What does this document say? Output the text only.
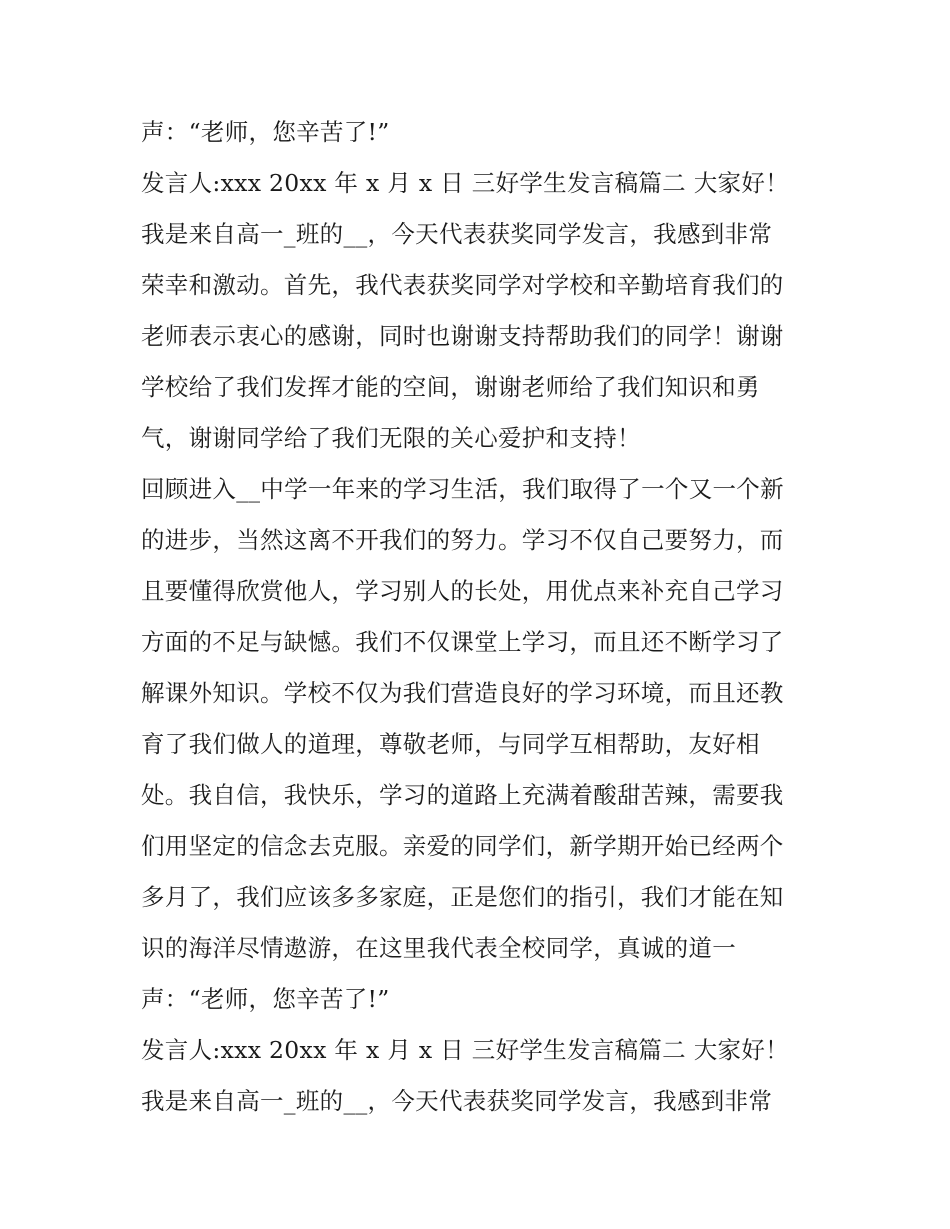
声：“老师，您辛苦了!”
发言人:xxx 20xx 年 x 月 x 日 三好学生发言稿篇二 大家好！
我是来自高一_班的__，今天代表获奖同学发言，我感到非常
荣幸和激动。首先，我代表获奖同学对学校和辛勤培育我们的
老师表示衷心的感谢，同时也谢谢支持帮助我们的同学！谢谢
学校给了我们发挥才能的空间，谢谢老师给了我们知识和勇
气，谢谢同学给了我们无限的关心爱护和支持！
回顾进入__中学一年来的学习生活，我们取得了一个又一个新
的进步，当然这离不开我们的努力。学习不仅自己要努力，而
且要懂得欣赏他人，学习别人的长处，用优点来补充自己学习
方面的不足与缺憾。我们不仅课堂上学习，而且还不断学习了
解课外知识。学校不仅为我们营造良好的学习环境，而且还教
育了我们做人的道理，尊敬老师，与同学互相帮助，友好相
处。我自信，我快乐，学习的道路上充满着酸甜苦辣，需要我
们用坚定的信念去克服。亲爱的同学们，新学期开始已经两个
多月了，我们应该多多家庭，正是您们的指引，我们才能在知
识的海洋尽情遨游，在这里我代表全校同学，真诚的道一
声：“老师，您辛苦了!”
发言人:xxx 20xx 年 x 月 x 日 三好学生发言稿篇二 大家好！
我是来自高一_班的__，今天代表获奖同学发言，我感到非常
